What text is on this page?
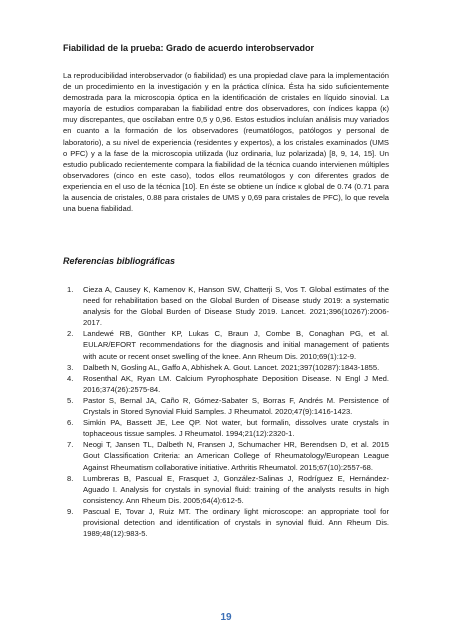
Fiabilidad de la prueba: Grado de acuerdo interobservador

La reproducibilidad interobservador (o fiabilidad) es una propiedad clave para la implementación de un procedimiento en la investigación y en la práctica clínica. Ésta ha sido suficientemente demostrada para la microscopia óptica en la identificación de cristales en líquido sinovial. La mayoría de estudios comparaban la fiabilidad entre dos observadores, con índices kappa (κ) muy discrepantes, que oscilaban entre 0,5 y 0,96. Estos estudios incluían análisis muy variados en cuanto a la formación de los observadores (reumatólogos, patólogos y personal de laboratorio), a su nivel de experiencia (residentes y expertos), a los cristales examinados (UMS o PFC) y a la fase de la microscopia utilizada (luz ordinaria, luz polarizada) [8, 9, 14, 15]. Un estudio publicado recientemente compara la fiabilidad de la técnica cuando intervienen múltiples observadores (cinco en este caso), todos ellos reumatólogos y con diferentes grados de experiencia en el uso de la técnica [10]. En éste se obtiene un índice κ global de 0.74 (0.71 para la ausencia de cristales, 0.88 para cristales de UMS y 0,69 para cristales de PFC), lo que revela una buena fiabilidad.

Referencias bibliográficas
1. Cieza A, Causey K, Kamenov K, Hanson SW, Chatterji S, Vos T. Global estimates of the need for rehabilitation based on the Global Burden of Disease study 2019: a systematic analysis for the Global Burden of Disease Study 2019. Lancet. 2021;396(10267):2006-2017.
2. Landewé RB, Günther KP, Lukas C, Braun J, Combe B, Conaghan PG, et al. EULAR/EFORT recommendations for the diagnosis and initial management of patients with acute or recent onset swelling of the knee. Ann Rheum Dis. 2010;69(1):12-9.
3. Dalbeth N, Gosling AL, Gaffo A, Abhishek A. Gout. Lancet. 2021;397(10287):1843-1855.
4. Rosenthal AK, Ryan LM. Calcium Pyrophosphate Deposition Disease. N Engl J Med. 2016;374(26):2575-84.
5. Pastor S, Bernal JA, Caño R, Gómez-Sabater S, Borras F, Andrés M. Persistence of Crystals in Stored Synovial Fluid Samples. J Rheumatol. 2020;47(9):1416-1423.
6. Simkin PA, Bassett JE, Lee QP. Not water, but formalin, dissolves urate crystals in tophaceous tissue samples. J Rheumatol. 1994;21(12):2320-1.
7. Neogi T, Jansen TL, Dalbeth N, Fransen J, Schumacher HR, Berendsen D, et al. 2015 Gout Classification Criteria: an American College of Rheumatology/European League Against Rheumatism collaborative initiative. Arthritis Rheumatol. 2015;67(10):2557-68.
8. Lumbreras B, Pascual E, Frasquet J, González-Salinas J, Rodríguez E, Hernández-Aguado I. Analysis for crystals in synovial fluid: training of the analysts results in high consistency. Ann Rheum Dis. 2005;64(4):612-5.
9. Pascual E, Tovar J, Ruiz MT. The ordinary light microscope: an appropriate tool for provisional detection and identification of crystals in synovial fluid. Ann Rheum Dis. 1989;48(12):983-5.
19
